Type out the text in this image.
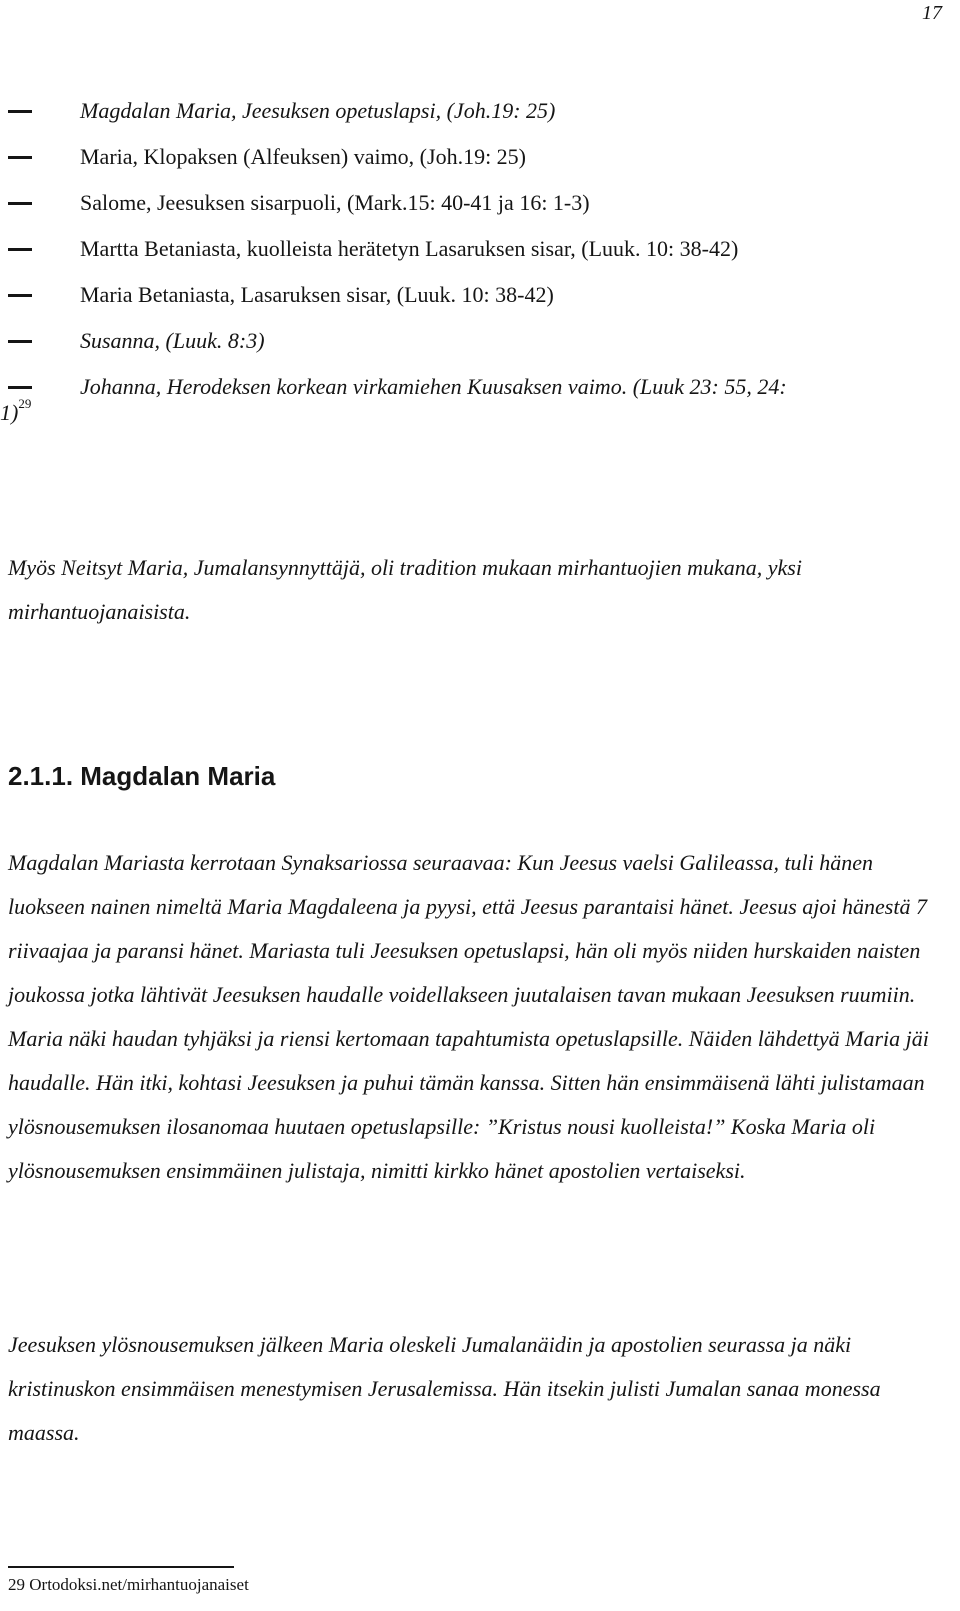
17
Magdalan Maria, Jeesuksen opetuslapsi, (Joh.19: 25)
Maria, Klopaksen (Alfeuksen) vaimo, (Joh.19: 25)
Salome, Jeesuksen sisarpuoli, (Mark.15: 40-41 ja 16: 1-3)
Martta Betaniasta, kuolleista herätetyn Lasaruksen sisar, (Luuk. 10: 38-42)
Maria Betaniasta, Lasaruksen sisar, (Luuk. 10: 38-42)
Susanna, (Luuk. 8:3)
Johanna, Herodeksen korkean virkamiehen Kuusaksen vaimo. (Luuk 23: 55, 24:
1)$^{29}$

Myös Neitsyt Maria, Jumalansynnyttäjä, oli tradition mukaan mirhantuojien mukana, yksi mirhantuojanaisista.

2.1.1. Magdalan Maria

Magdalan Mariasta kerrotaan Synaksariossa seuraavaa: Kun Jeesus vaelsi Galileassa, tuli hänen luokseen nainen nimeltä Maria Magdaleena ja pyysi, että Jeesus parantaisi hänet. Jeesus ajoi hänestä 7 riivaajaa ja paransi hänet. Mariasta tuli Jeesuksen opetuslapsi, hän oli myös niiden hurskaiden naisten joukossa jotka lähtivät Jeesuksen haudalle voidellakseen juutalaisen tavan mukaan Jeesuksen ruumiin. Maria näki haudan tyhjäksi ja riensi kertomaan tapahtumista opetuslapsille. Näiden lähdettyä Maria jäi haudalle. Hän itki, kohtasi Jeesuksen ja puhui tämän kanssa. Sitten hän ensimmäisenä lähti julistamaan ylösnousemuksen ilosanomaa huutaen opetuslapsille: ”Kristus nousi kuolleista!” Koska Maria oli ylösnousemuksen ensimmäinen julistaja, nimitti kirkko hänet apostolien vertaiseksi.

Jeesuksen ylösnousemuksen jälkeen Maria oleskeli Jumalanäidin ja apostolien seurassa ja näki kristinuskon ensimmäisen menestymisen Jerusalemissa. Hän itsekin julisti Jumalan sanaa monessa maassa.

29 Ortodoksi.net/mirhantuojanaiset
